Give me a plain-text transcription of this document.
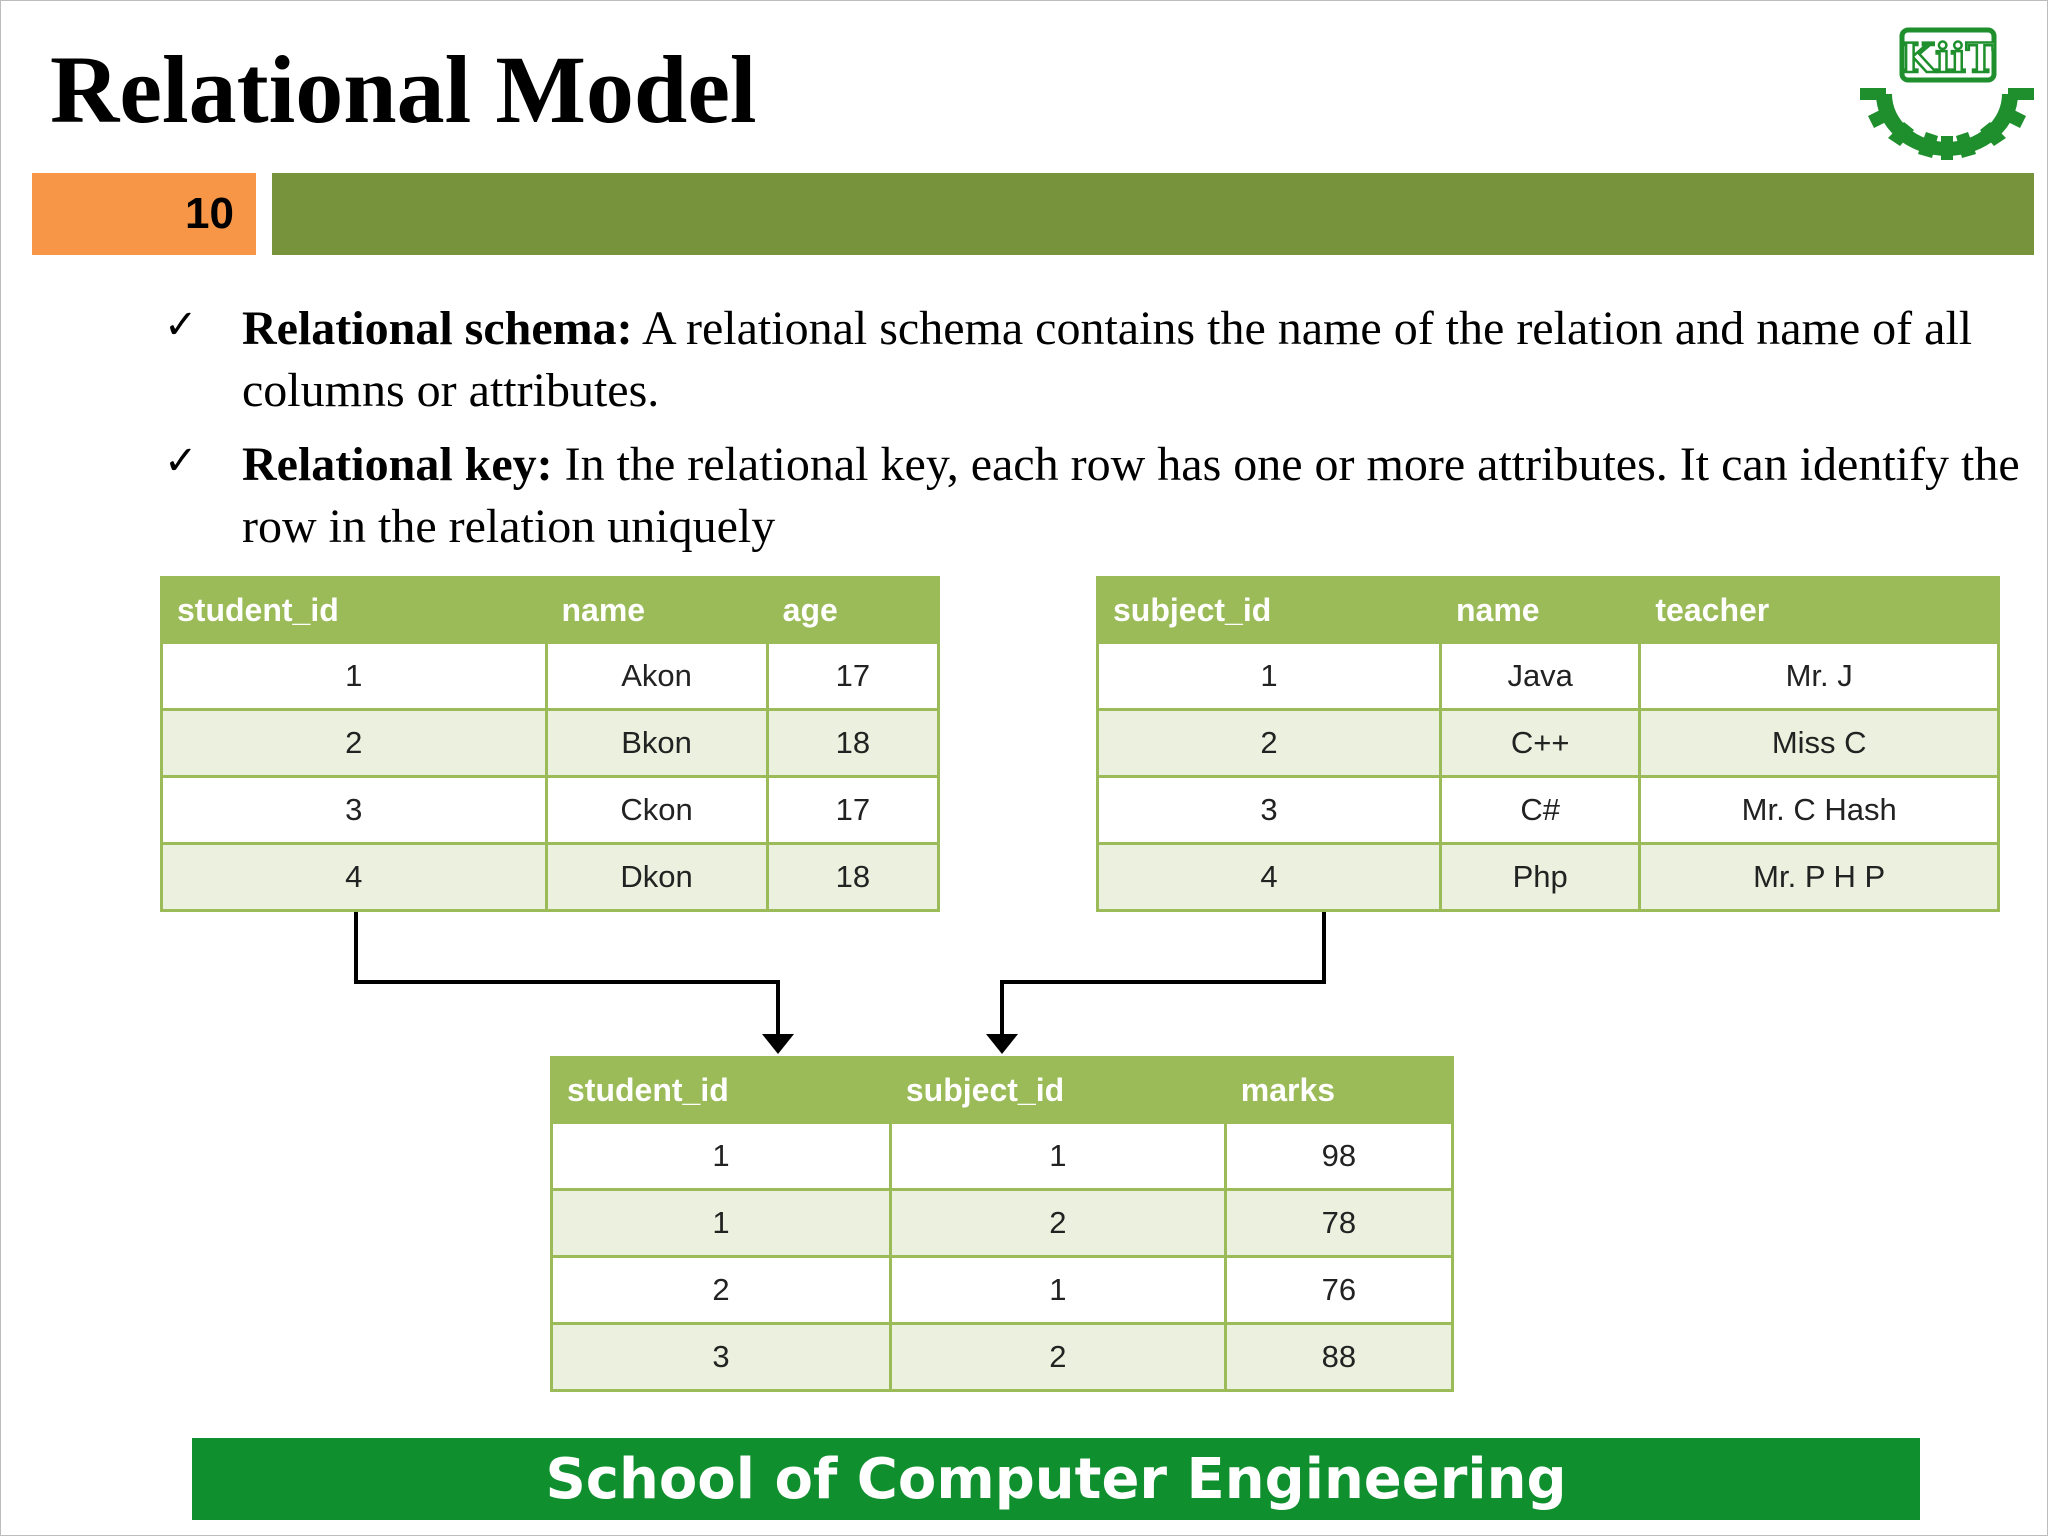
Relational Model	KiiT
10
✓ Relational schema: A relational schema contains the name of the relation and name of all columns or attributes.
✓ Relational key: In the relational key, each row has one or more attributes. It can identify the row in the relation uniquely
student_id	name	age
1	Akon	17
2	Bkon	18
3	Ckon	17
4	Dkon	18
subject_id	name	teacher
1	Java	Mr. J
2	C++	Miss C
3	C#	Mr. C Hash
4	Php	Mr. P H P
student_id	subject_id	marks
1	1	98
1	2	78
2	1	76
3	2	88
School of Computer Engineering
